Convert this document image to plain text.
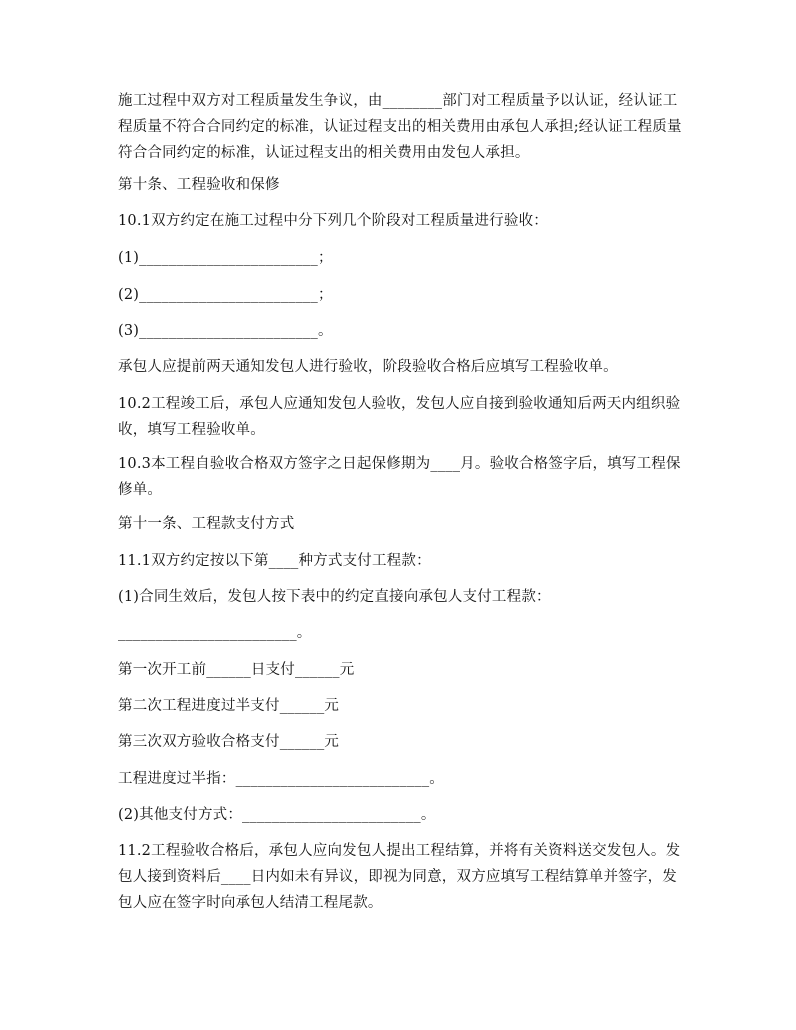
施工过程中双方对工程质量发生争议，由________部门对工程质量予以认证，经认证工程质量不符合合同约定的标准，认证过程支出的相关费用由承包人承担;经认证工程质量符合合同约定的标准，认证过程支出的相关费用由发包人承担。
第十条、工程验收和保修
10.1双方约定在施工过程中分下列几个阶段对工程质量进行验收：
(1)________________________；
(2)________________________；
(3)________________________。
承包人应提前两天通知发包人进行验收，阶段验收合格后应填写工程验收单。
10.2工程竣工后，承包人应通知发包人验收，发包人应自接到验收通知后两天内组织验收，填写工程验收单。
10.3本工程自验收合格双方签字之日起保修期为____月。验收合格签字后，填写工程保修单。
第十一条、工程款支付方式
11.1双方约定按以下第____种方式支付工程款：
(1)合同生效后，发包人按下表中的约定直接向承包人支付工程款：
________________________。
第一次开工前______日支付______元
第二次工程进度过半支付______元
第三次双方验收合格支付______元
工程进度过半指：__________________________。
(2)其他支付方式：________________________。
11.2工程验收合格后，承包人应向发包人提出工程结算，并将有关资料送交发包人。发包人接到资料后____日内如未有异议，即视为同意，双方应填写工程结算单并签字，发包人应在签字时向承包人结清工程尾款。
